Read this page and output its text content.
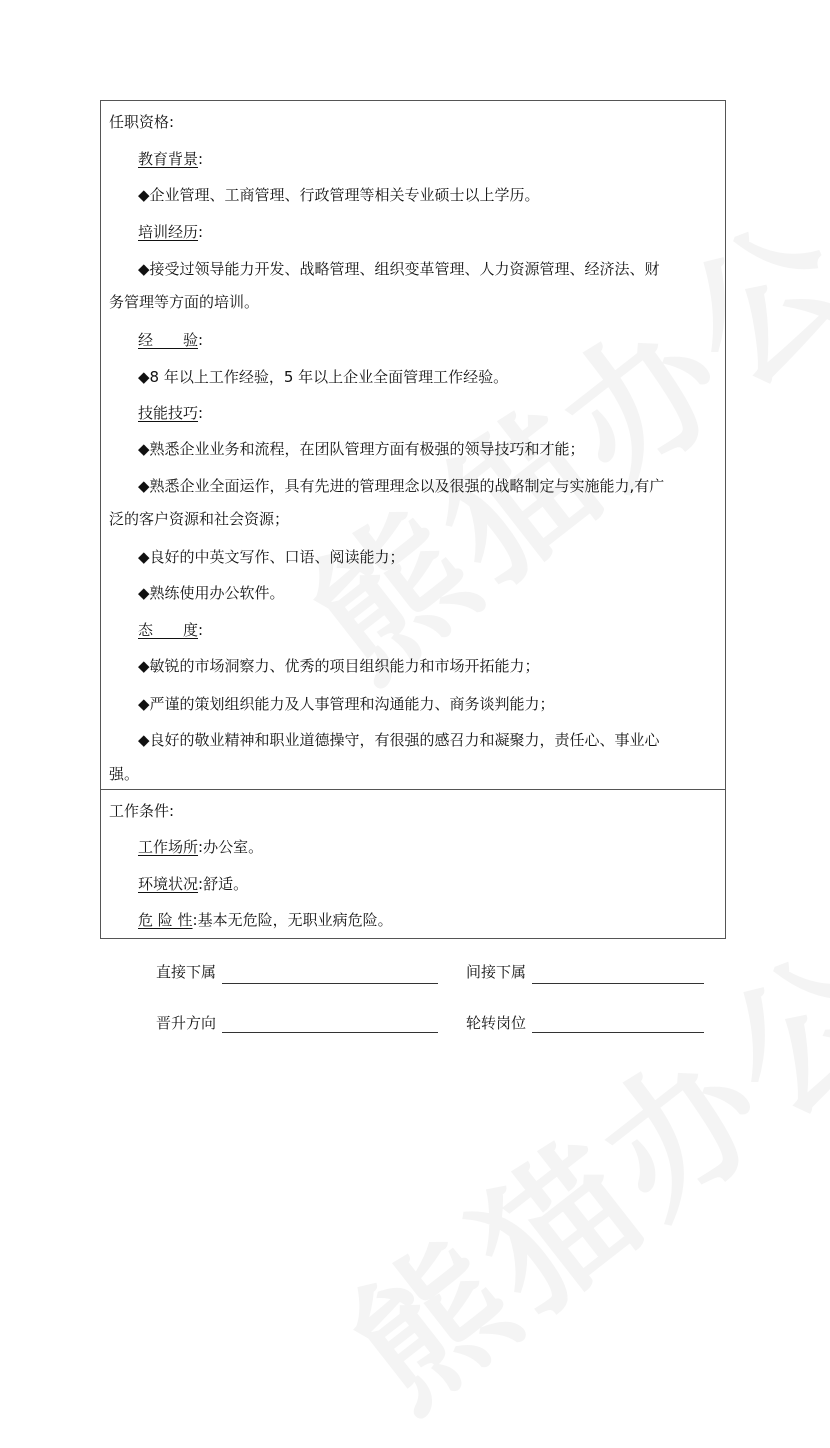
任职资格:
教育背景:
◆企业管理、工商管理、行政管理等相关专业硕士以上学历。
培训经历:
◆接受过领导能力开发、战略管理、组织变革管理、人力资源管理、经济法、财
务管理等方面的培训。
经　　验:
◆8 年以上工作经验，5 年以上企业全面管理工作经验。
技能技巧:
◆熟悉企业业务和流程，在团队管理方面有极强的领导技巧和才能；
◆熟悉企业全面运作，具有先进的管理理念以及很强的战略制定与实施能力,有广
泛的客户资源和社会资源；
◆良好的中英文写作、口语、阅读能力；
◆熟练使用办公软件。
态　　度:
◆敏锐的市场洞察力、优秀的项目组织能力和市场开拓能力；
◆严谨的策划组织能力及人事管理和沟通能力、商务谈判能力；
◆良好的敬业精神和职业道德操守，有很强的感召力和凝聚力，责任心、事业心
强。
工作条件:
工作场所:办公室。
环境状况:舒适。
危 险 性:基本无危险，无职业病危险。
直接下属	间接下属
晋升方向	轮转岗位
